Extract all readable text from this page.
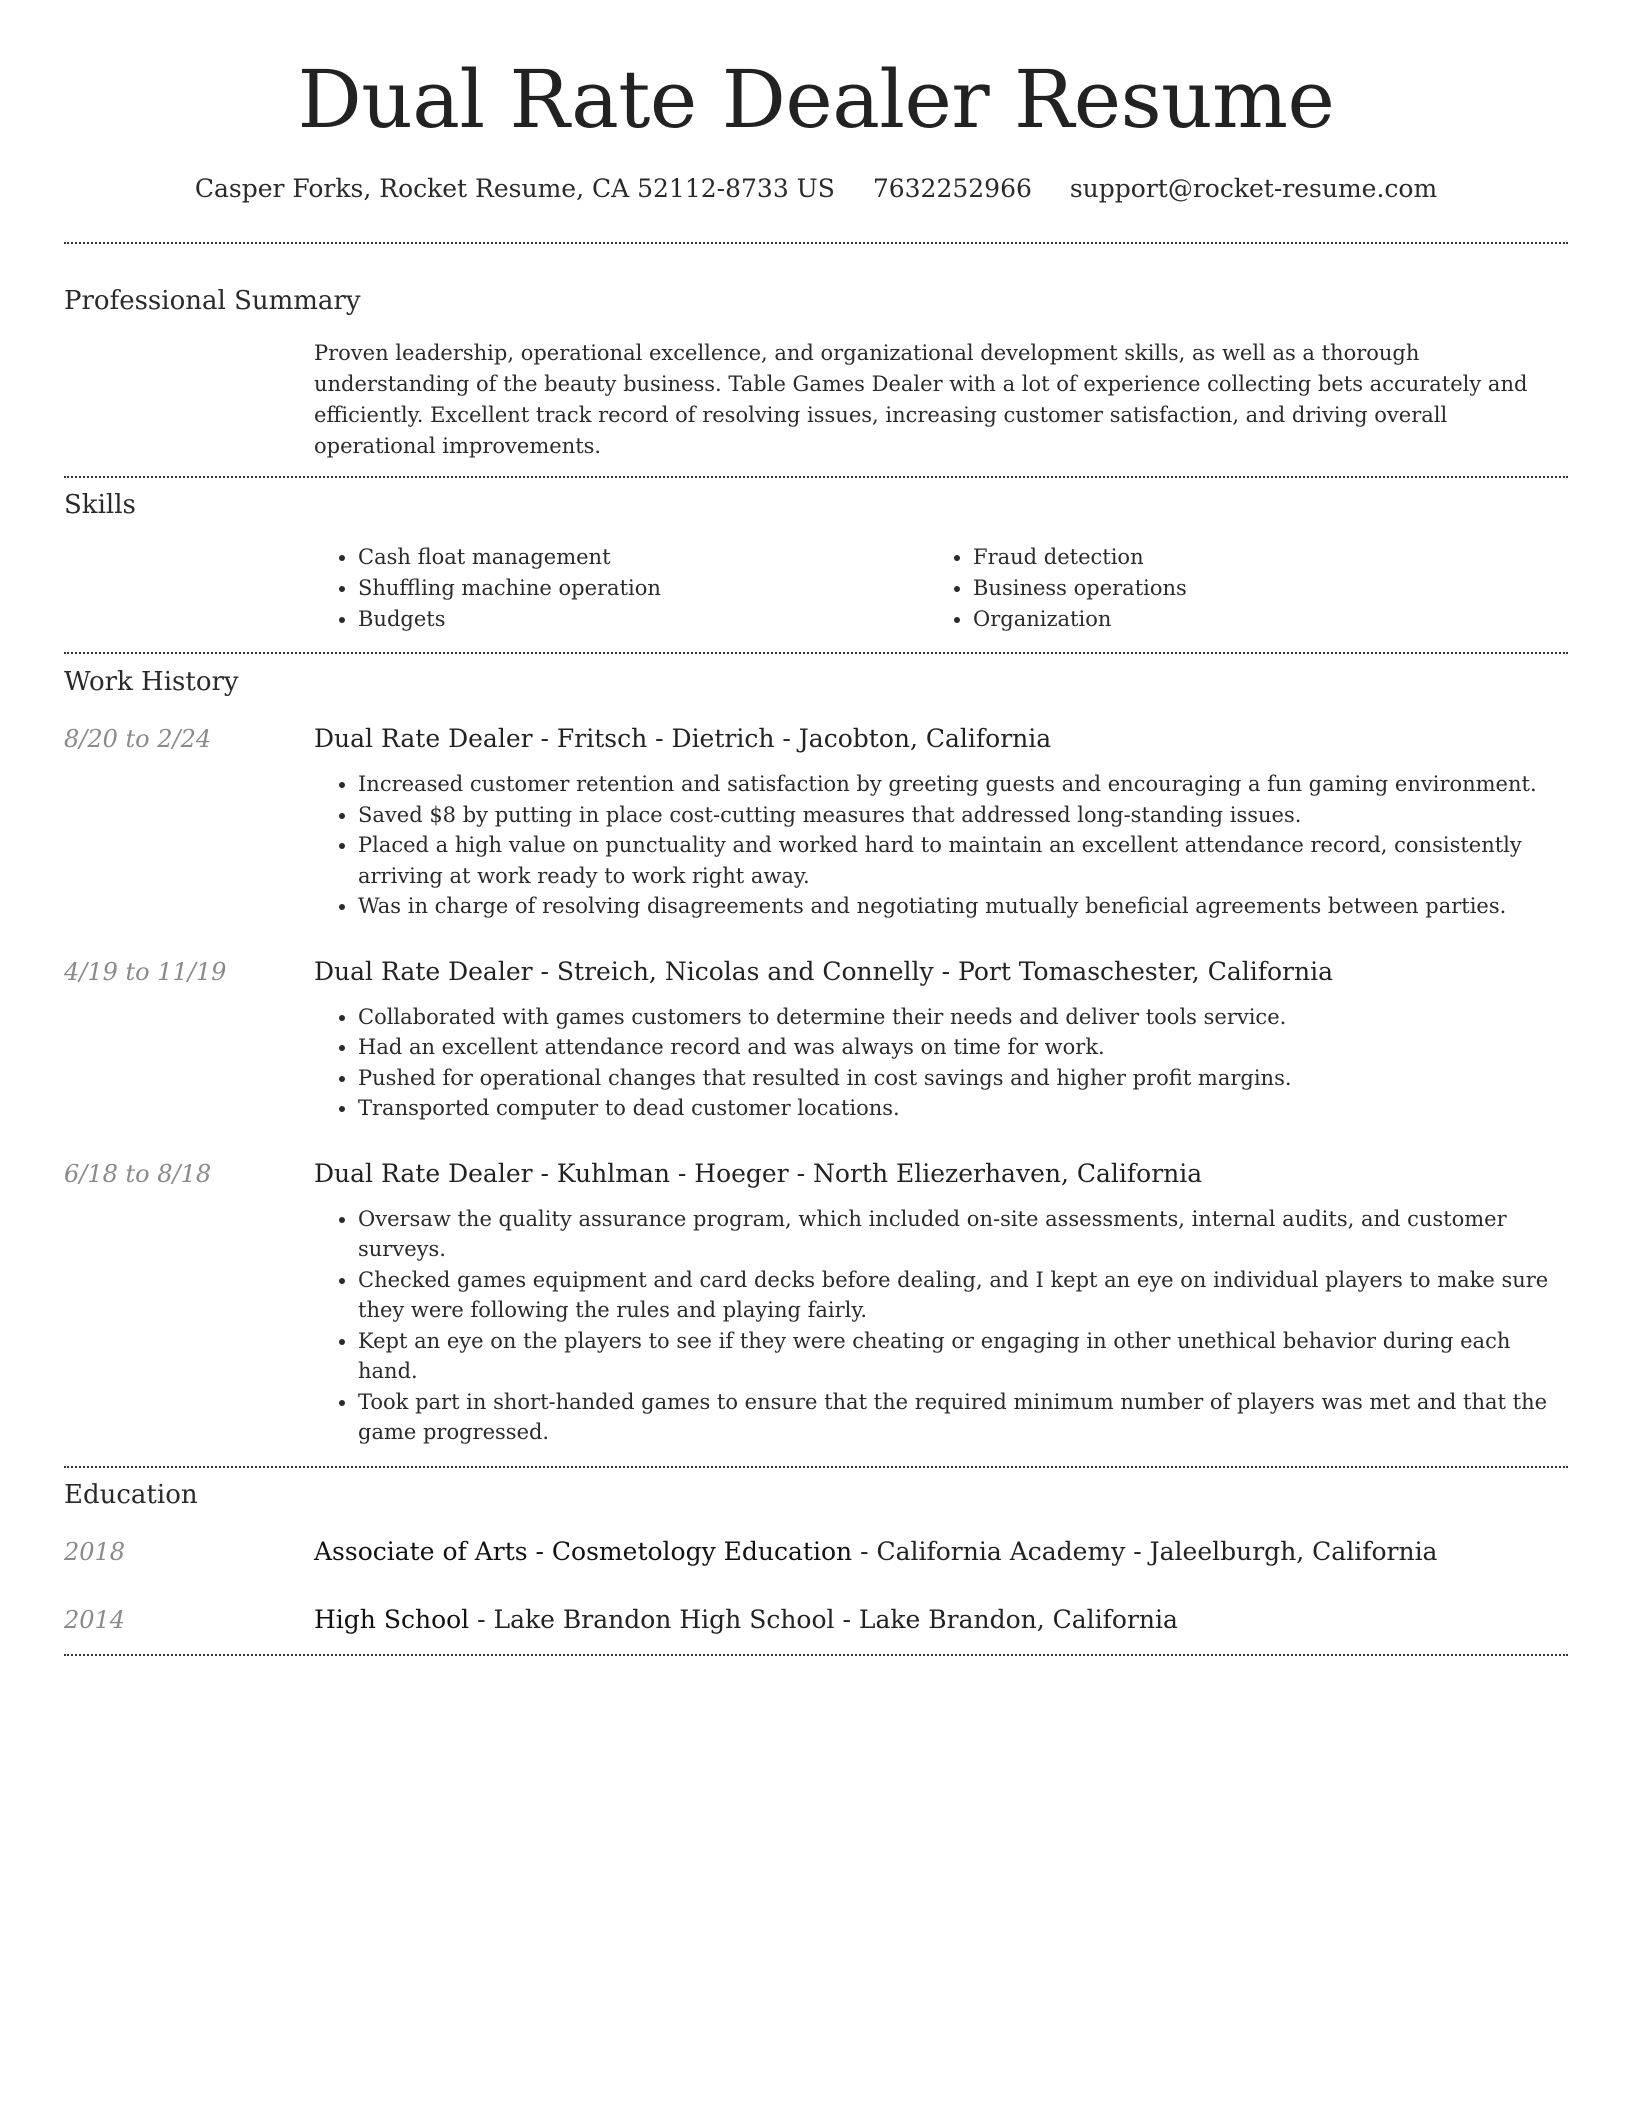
Dual Rate Dealer Resume
Casper Forks, Rocket Resume, CA 52112-8733 US 7632252966 support@rocket-resume.com
Professional Summary

Proven leadership, operational excellence, and organizational development skills, as well as a thorough understanding of the beauty business. Table Games Dealer with a lot of experience collecting bets accurately and efficiently. Excellent track record of resolving issues, increasing customer satisfaction, and driving overall operational improvements.

Skills
• Cash float management
• Shuffling machine operation
• Budgets
• Fraud detection
• Business operations
• Organization
Work History
8/20 to 2/24	Dual Rate Dealer - Fritsch - Dietrich - Jacobton, California
• Increased customer retention and satisfaction by greeting guests and encouraging a fun gaming environment.
• Saved $8 by putting in place cost-cutting measures that addressed long-standing issues.
• Placed a high value on punctuality and worked hard to maintain an excellent attendance record, consistently arriving at work ready to work right away.
• Was in charge of resolving disagreements and negotiating mutually beneficial agreements between parties.
4/19 to 11/19	Dual Rate Dealer - Streich, Nicolas and Connelly - Port Tomaschester, California
• Collaborated with games customers to determine their needs and deliver tools service.
• Had an excellent attendance record and was always on time for work.
• Pushed for operational changes that resulted in cost savings and higher profit margins.
• Transported computer to dead customer locations.
6/18 to 8/18	Dual Rate Dealer - Kuhlman - Hoeger - North Eliezerhaven, California
• Oversaw the quality assurance program, which included on-site assessments, internal audits, and customer surveys.
• Checked games equipment and card decks before dealing, and I kept an eye on individual players to make sure they were following the rules and playing fairly.
• Kept an eye on the players to see if they were cheating or engaging in other unethical behavior during each hand.
• Took part in short-handed games to ensure that the required minimum number of players was met and that the game progressed.
Education
2018	Associate of Arts - Cosmetology Education - California Academy - Jaleelburgh, California
2014	High School - Lake Brandon High School - Lake Brandon, California
